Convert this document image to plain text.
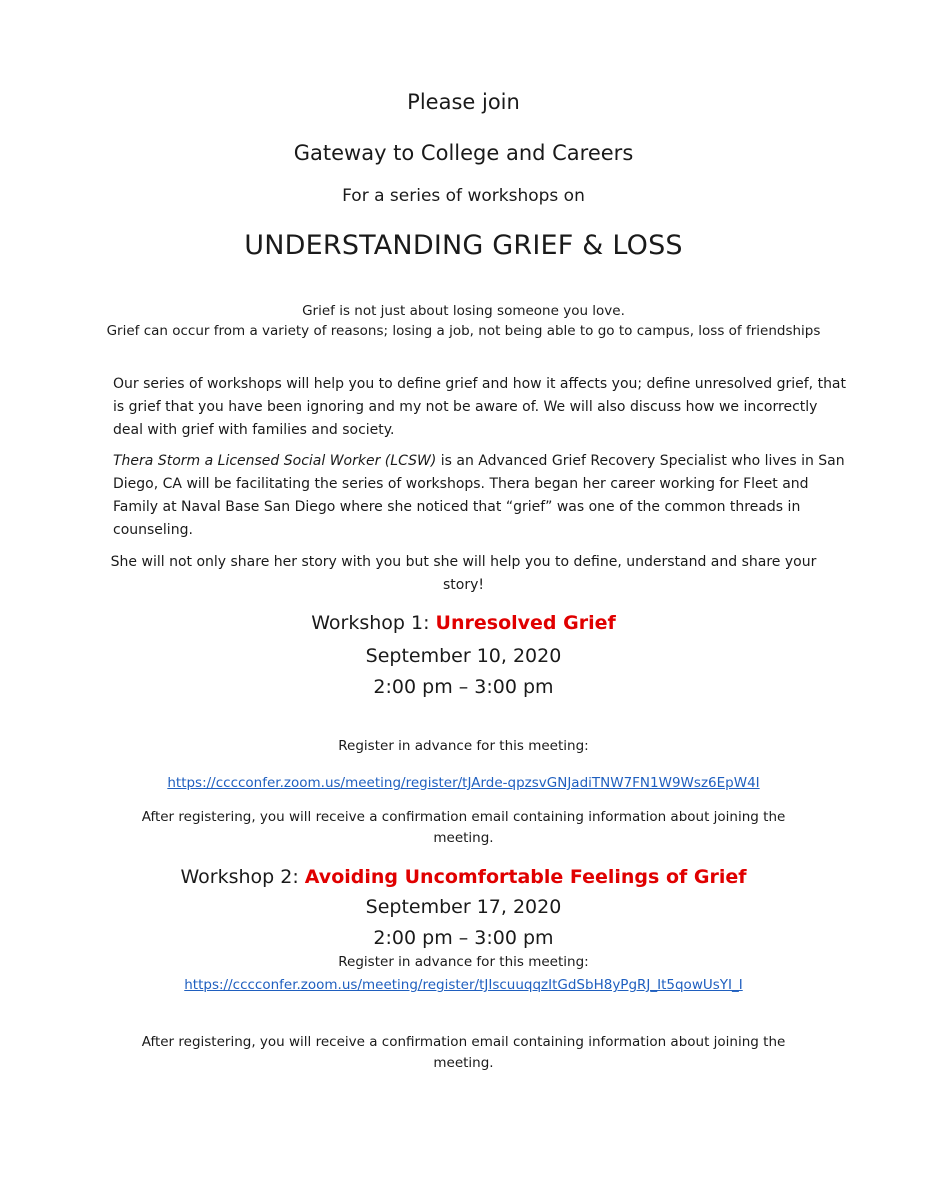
Please join
Gateway to College and Careers
For a series of workshops on
UNDERSTANDING GRIEF & LOSS
Grief is not just about losing someone you love.
Grief can occur from a variety of reasons; losing a job, not being able to go to campus, loss of friendships
Our series of workshops will help you to define grief and how it affects you; define unresolved grief, that
is grief that you have been ignoring and my not be aware of. We will also discuss how we incorrectly
deal with grief with families and society.
Thera Storm a Licensed Social Worker (LCSW) is an Advanced Grief Recovery Specialist who lives in San
Diego, CA will be facilitating the series of workshops. Thera began her career working for Fleet and
Family at Naval Base San Diego where she noticed that “grief” was one of the common threads in
counseling.
She will not only share her story with you but she will help you to define, understand and share your
story!
Workshop 1: Unresolved Grief
September 10, 2020
2:00 pm – 3:00 pm
Register in advance for this meeting:
https://cccconfer.zoom.us/meeting/register/tJArde-qpzsvGNJadiTNW7FN1W9Wsz6EpW4I
After registering, you will receive a confirmation email containing information about joining the
meeting.
Workshop 2: Avoiding Uncomfortable Feelings of Grief
September 17, 2020
2:00 pm – 3:00 pm
Register in advance for this meeting:
https://cccconfer.zoom.us/meeting/register/tJIscuuqqzItGdSbH8yPgRJ_It5qowUsYI_I
After registering, you will receive a confirmation email containing information about joining the
meeting.
